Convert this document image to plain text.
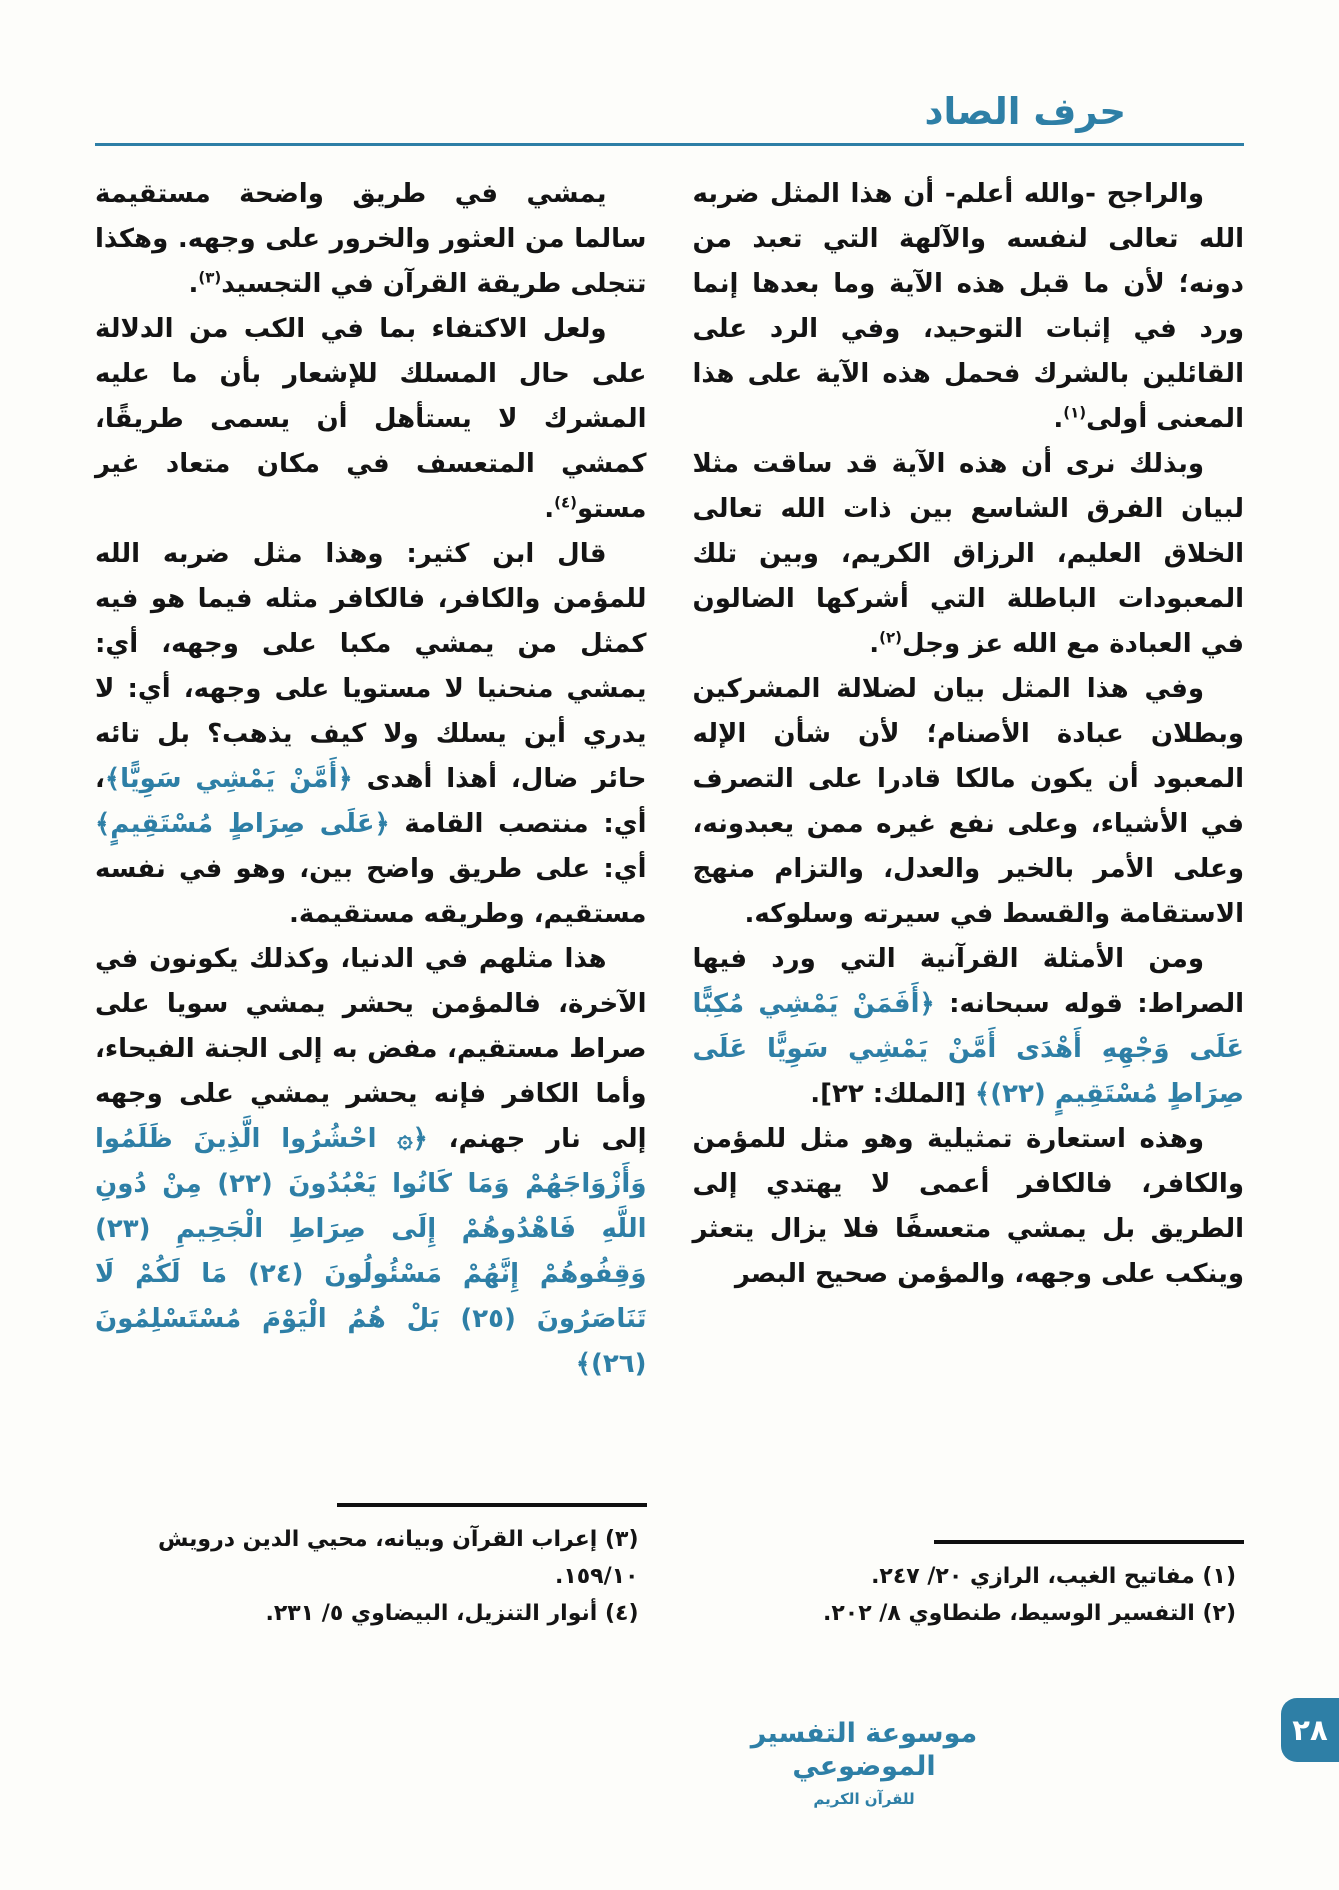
حرف الصاد

والراجح -والله أعلم- أن هذا المثل ضربه الله تعالى لنفسه والآلهة التي تعبد من دونه؛ لأن ما قبل هذه الآية وما بعدها إنما ورد في إثبات التوحيد، وفي الرد على القائلين بالشرك فحمل هذه الآية على هذا المعنى أولى$^{(١)}$.

وبذلك نرى أن هذه الآية قد ساقت مثلا لبيان الفرق الشاسع بين ذات الله تعالى الخلاق العليم، الرزاق الكريم، وبين تلك المعبودات الباطلة التي أشركها الضالون في العبادة مع الله عز وجل$^{(٢)}$.

وفي هذا المثل بيان لضلالة المشركين وبطلان عبادة الأصنام؛ لأن شأن الإله المعبود أن يكون مالكا قادرا على التصرف في الأشياء، وعلى نفع غيره ممن يعبدونه، وعلى الأمر بالخير والعدل، والتزام منهج الاستقامة والقسط في سيرته وسلوكه.

ومن الأمثلة القرآنية التي ورد فيها الصراط: قوله سبحانه: ﴿أَفَمَنْ يَمْشِي مُكِبًّا عَلَى وَجْهِهِ أَهْدَى أَمَّنْ يَمْشِي سَوِيًّا عَلَى صِرَاطٍ مُسْتَقِيمٍ (٢٢)﴾ [الملك: ٢٢].

وهذه استعارة تمثيلية وهو مثل للمؤمن والكافر، فالكافر أعمى لا يهتدي إلى الطريق بل يمشي متعسفًا فلا يزال يتعثر وينكب على وجهه، والمؤمن صحيح البصر

(١) مفاتيح الغيب، الرازي ٢٠/ ٢٤٧.
(٢) التفسير الوسيط، طنطاوي ٨/ ٢٠٢.

يمشي في طريق واضحة مستقيمة سالما من العثور والخرور على وجهه. وهكذا تتجلى طريقة القرآن في التجسيد$^{(٣)}$.

ولعل الاكتفاء بما في الكب من الدلالة على حال المسلك للإشعار بأن ما عليه المشرك لا يستأهل أن يسمى طريقًا، كمشي المتعسف في مكان متعاد غير مستو$^{(٤)}$.

قال ابن كثير: وهذا مثل ضربه الله للمؤمن والكافر، فالكافر مثله فيما هو فيه كمثل من يمشي مكبا على وجهه، أي: يمشي منحنيا لا مستويا على وجهه، أي: لا يدري أين يسلك ولا كيف يذهب؟ بل تائه حائر ضال، أهذا أهدى ﴿أَمَّنْ يَمْشِي سَوِيًّا﴾، أي: منتصب القامة ﴿عَلَى صِرَاطٍ مُسْتَقِيمٍ﴾ أي: على طريق واضح بين، وهو في نفسه مستقيم، وطريقه مستقيمة.

هذا مثلهم في الدنيا، وكذلك يكونون في الآخرة، فالمؤمن يحشر يمشي سويا على صراط مستقيم، مفض به إلى الجنة الفيحاء، وأما الكافر فإنه يحشر يمشي على وجهه إلى نار جهنم، ﴿۞ احْشُرُوا الَّذِينَ ظَلَمُوا وَأَزْوَاجَهُمْ وَمَا كَانُوا يَعْبُدُونَ (٢٢) مِنْ دُونِ اللَّهِ فَاهْدُوهُمْ إِلَى صِرَاطِ الْجَحِيمِ (٢٣) وَقِفُوهُمْ إِنَّهُمْ مَسْئُولُونَ (٢٤) مَا لَكُمْ لَا تَنَاصَرُونَ (٢٥) بَلْ هُمُ الْيَوْمَ مُسْتَسْلِمُونَ (٢٦)﴾

(٣) إعراب القرآن وبيانه، محيي الدين درويش ١٥٩/١٠.
(٤) أنوار التنزيل، البيضاوي ٥/ ٢٣١.
موسوعة التفسير الموضوعي
للقرآن الكريم
٢٨
